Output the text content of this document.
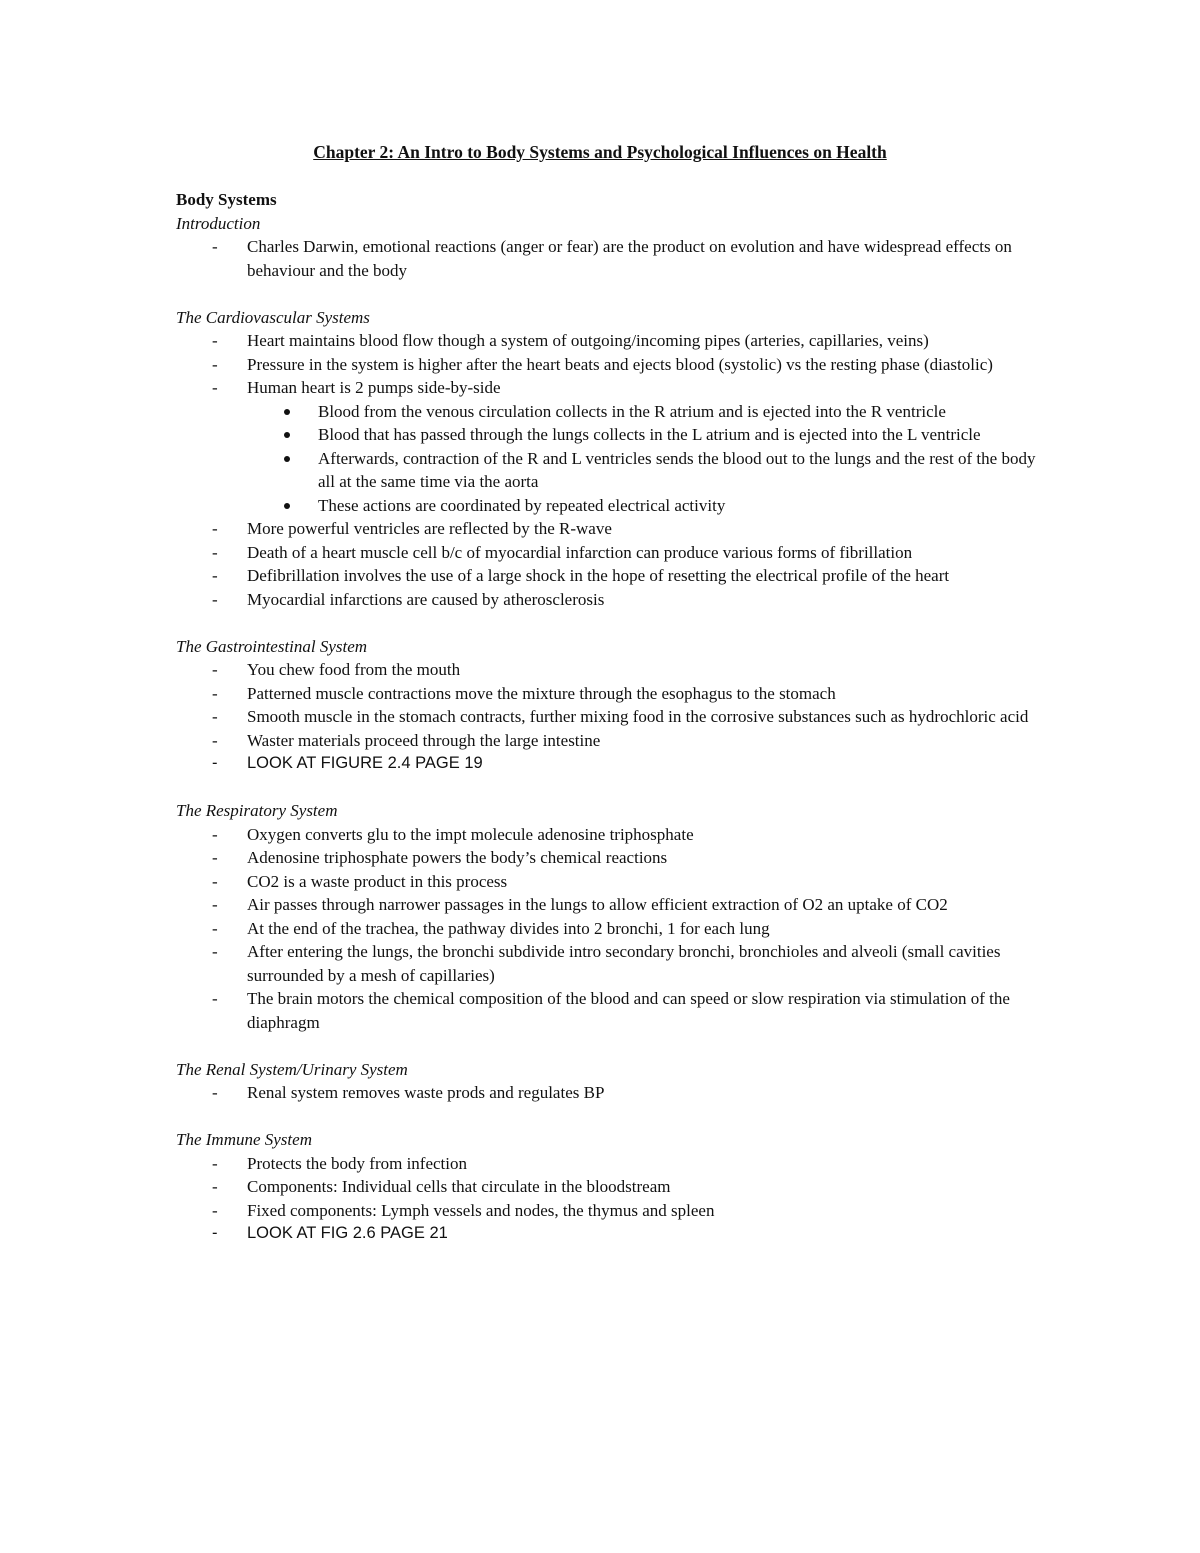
Chapter 2: An Intro to Body Systems and Psychological Influences on Health
Body Systems
Introduction
- Charles Darwin, emotional reactions (anger or fear) are the product on evolution and have widespread effects on behaviour and the body
The Cardiovascular Systems
- Heart maintains blood flow though a system of outgoing/incoming pipes (arteries, capillaries, veins)
- Pressure in the system is higher after the heart beats and ejects blood (systolic) vs the resting phase (diastolic)
- Human heart is 2 pumps side-by-side
Blood from the venous circulation collects in the R atrium and is ejected into the R ventricle
Blood that has passed through the lungs collects in the L atrium and is ejected into the L ventricle
Afterwards, contraction of the R and L ventricles sends the blood out to the lungs and the rest of the body all at the same time via the aorta
These actions are coordinated by repeated electrical activity
- More powerful ventricles are reflected by the R-wave
- Death of a heart muscle cell b/c of myocardial infarction can produce various forms of fibrillation
- Defibrillation involves the use of a large shock in the hope of resetting the electrical profile of the heart
- Myocardial infarctions are caused by atherosclerosis
The Gastrointestinal System
- You chew food from the mouth
- Patterned muscle contractions move the mixture through the esophagus to the stomach
- Smooth muscle in the stomach contracts, further mixing food in the corrosive substances such as hydrochloric acid
- Waster materials proceed through the large intestine
- LOOK AT FIGURE 2.4 PAGE 19
The Respiratory System
- Oxygen converts glu to the impt molecule adenosine triphosphate
- Adenosine triphosphate powers the body’s chemical reactions
- CO2 is a waste product in this process
- Air passes through narrower passages in the lungs to allow efficient extraction of O2 an uptake of CO2
- At the end of the trachea, the pathway divides into 2 bronchi, 1 for each lung
- After entering the lungs, the bronchi subdivide intro secondary bronchi, bronchioles and alveoli (small cavities surrounded by a mesh of capillaries)
- The brain motors the chemical composition of the blood and can speed or slow respiration via stimulation of the diaphragm
The Renal System/Urinary System
- Renal system removes waste prods and regulates BP
The Immune System
- Protects the body from infection
- Components: Individual cells that circulate in the bloodstream
- Fixed components: Lymph vessels and nodes, the thymus and spleen
- LOOK AT FIG 2.6 PAGE 21
